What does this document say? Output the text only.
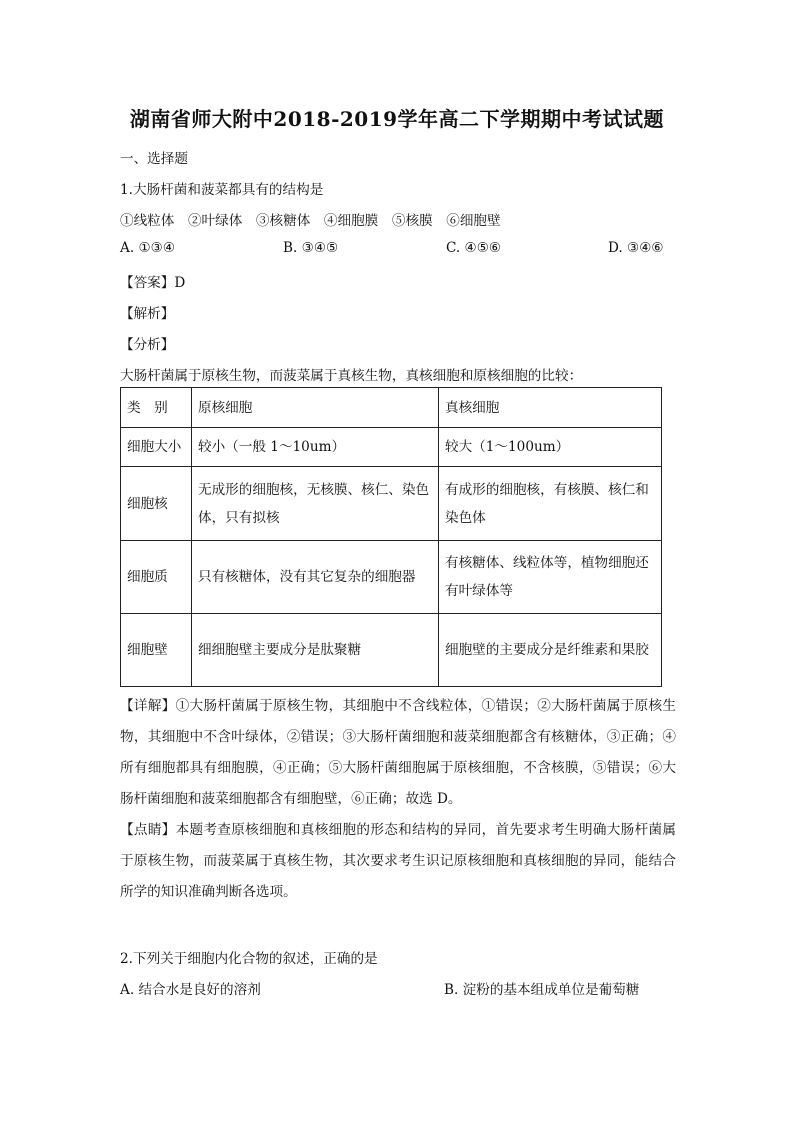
湖南省师大附中2018-2019学年高二下学期期中考试试题
一、选择题
1.大肠杆菌和菠菜都具有的结构是
①线粒体　②叶绿体　③核糖体　④细胞膜　⑤核膜　⑥细胞壁
A. ①③④	B. ③④⑤	C. ④⑤⑥	D. ③④⑥
【答案】D
【解析】
【分析】
大肠杆菌属于原核生物，而菠菜属于真核生物，真核细胞和原核细胞的比较：
类　别	原核细胞	真核细胞
细胞大小	较小（一般 1～10um）	较大（1～100um）
细胞核	无成形的细胞核，无核膜、核仁、染色体，只有拟核	有成形的细胞核，有核膜、核仁和染色体
细胞质	只有核糖体，没有其它复杂的细胞器	有核糖体、线粒体等，植物细胞还有叶绿体等
细胞壁	细细胞壁主要成分是肽聚糖	细胞壁的主要成分是纤维素和果胶
【详解】①大肠杆菌属于原核生物，其细胞中不含线粒体，①错误；②大肠杆菌属于原核生物，其细胞中不含叶绿体，②错误；③大肠杆菌细胞和菠菜细胞都含有核糖体，③正确；④所有细胞都具有细胞膜，④正确；⑤大肠杆菌细胞属于原核细胞，不含核膜，⑤错误；⑥大肠杆菌细胞和菠菜细胞都含有细胞壁，⑥正确；故选 D。
【点睛】本题考查原核细胞和真核细胞的形态和结构的异同，首先要求考生明确大肠杆菌属于原核生物，而菠菜属于真核生物，其次要求考生识记原核细胞和真核细胞的异同，能结合所学的知识准确判断各选项。
2.下列关于细胞内化合物的叙述，正确的是
A. 结合水是良好的溶剂	B. 淀粉的基本组成单位是葡萄糖
